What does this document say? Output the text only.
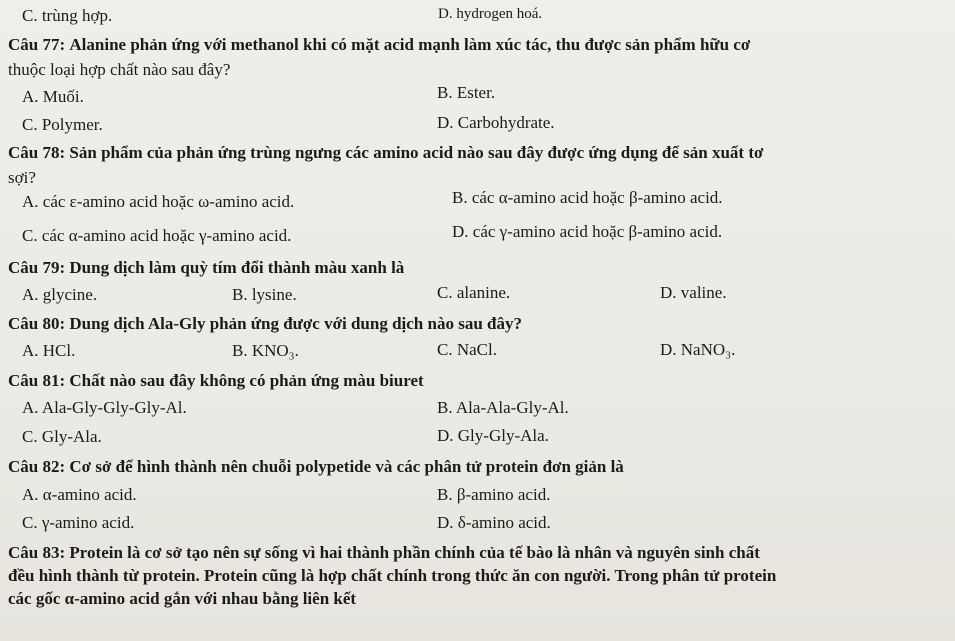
C. trùng hợp.	D. hydrogen hoá.
Câu 77: Alanine phản ứng với methanol khi có mặt acid mạnh làm xúc tác, thu được sản phẩm hữu cơ
thuộc loại hợp chất nào sau đây?
A. Muối.	B. Ester.
C. Polymer.	D. Carbohydrate.
Câu 78: Sản phẩm của phản ứng trùng ngưng các amino acid nào sau đây được ứng dụng để sản xuất tơ
sợi?
A. các ε-amino acid hoặc ω-amino acid.	B. các α-amino acid hoặc β-amino acid.
C. các α-amino acid hoặc γ-amino acid.	D. các γ-amino acid hoặc β-amino acid.
Câu 79: Dung dịch làm quỳ tím đổi thành màu xanh là
A. glycine.	B. lysine.	C. alanine.	D. valine.
Câu 80: Dung dịch Ala-Gly phản ứng được với dung dịch nào sau đây?
A. HCl.	B. KNO₃.	C. NaCl.	D. NaNO₃.
Câu 81: Chất nào sau đây không có phản ứng màu biuret
A. Ala-Gly-Gly-Gly-Al.	B. Ala-Ala-Gly-Al.
C. Gly-Ala.	D. Gly-Gly-Ala.
Câu 82: Cơ sở để hình thành nên chuỗi polypetide và các phân tử protein đơn giản là
A. α-amino acid.	B. β-amino acid.
C. γ-amino acid.	D. δ-amino acid.
Câu 83: Protein là cơ sở tạo nên sự sống vì hai thành phần chính của tế bào là nhân và nguyên sinh chất
đều hình thành từ protein. Protein cũng là hợp chất chính trong thức ăn con người. Trong phân tử protein
các gốc α-amino acid gắn với nhau bằng liên kết
